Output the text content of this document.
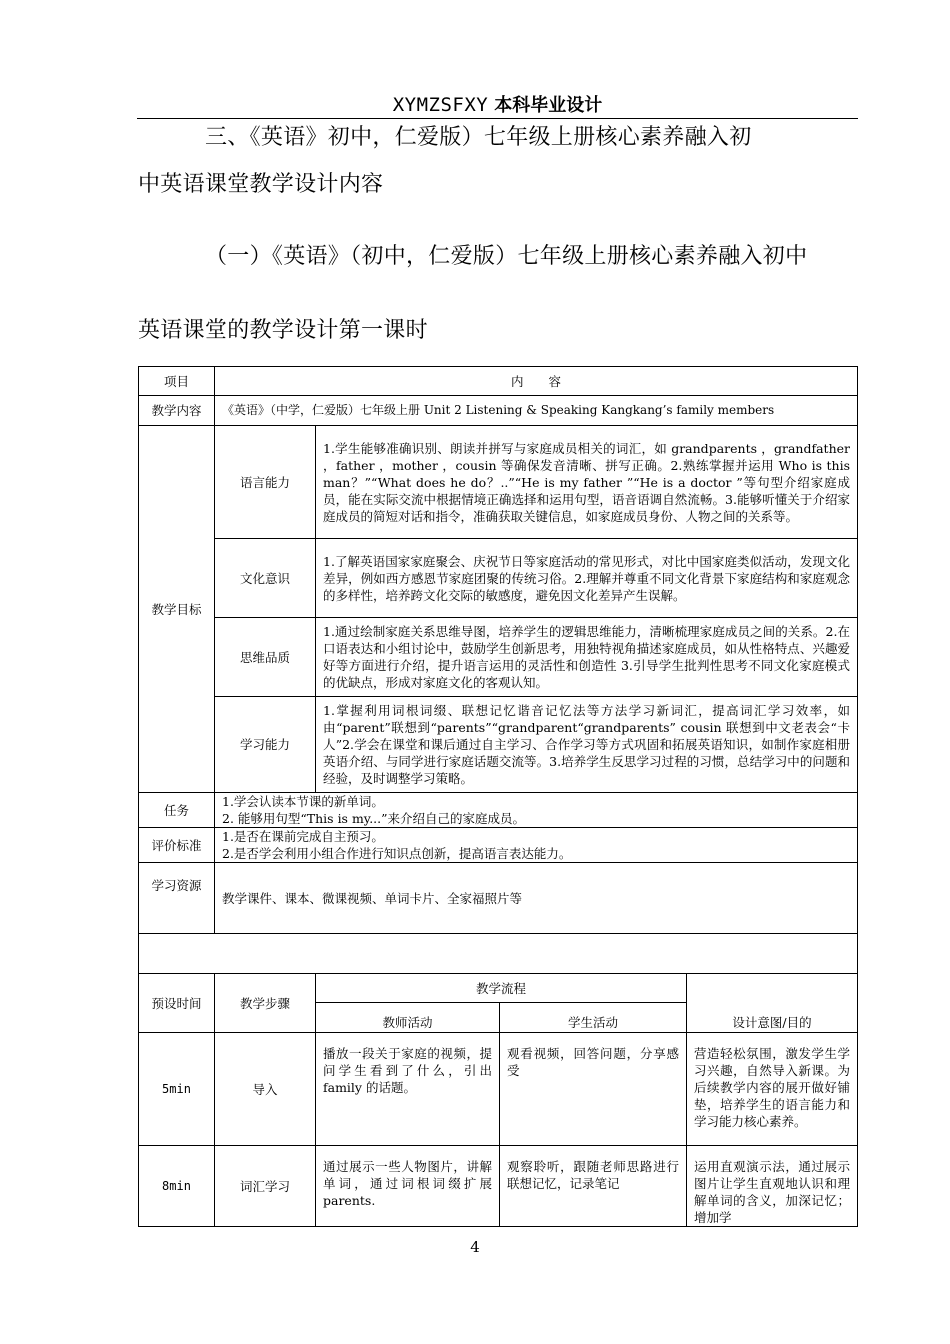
XYMZSFXY 本科毕业设计
三、《英语》初中，仁爱版）七年级上册核心素养融入初
中英语课堂教学设计内容
（一）《英语》（初中，仁爱版）七年级上册核心素养融入初中
英语课堂的教学设计第一课时
项目	内　　容			
教学内容	《英语》（中学，仁爱版）七年级上册 Unit 2 Listening & Speaking Kangkang’s family members			
教学目标	语言能力	1.学生能够准确识别、朗读并拼写与家庭成员相关的词汇，如 grandparents ，grandfather ，father ，mother ，cousin 等确保发音清晰、拼写正确。2.熟练掌握并运用 Who is this man？”“What does he do？..”“He is my father ”“He is a doctor ”等句型介绍家庭成员，能在实际交流中根据情境正确选择和运用句型，语音语调自然流畅。3.能够听懂关于介绍家庭成员的简短对话和指令，准确获取关键信息，如家庭成员身份、人物之间的关系等。		
	文化意识	1.了解英语国家家庭聚会、庆祝节日等家庭活动的常见形式，对比中国家庭类似活动，发现文化差异，例如西方感恩节家庭团聚的传统习俗。2.理解并尊重不同文化背景下家庭结构和家庭观念的多样性，培养跨文化交际的敏感度，避免因文化差异产生误解。		
	思维品质	1.通过绘制家庭关系思维导图，培养学生的逻辑思维能力，清晰梳理家庭成员之间的关系。2.在口语表达和小组讨论中，鼓励学生创新思考，用独特视角描述家庭成员，如从性格特点、兴趣爱好等方面进行介绍，提升语言运用的灵活性和创造性 3.引导学生批判性思考不同文化家庭模式的优缺点，形成对家庭文化的客观认知。		
	学习能力	1.掌握利用词根词缀、联想记忆谐音记忆法等方法学习新词汇，提高词汇学习效率，如由“parent”联想到“parents”“grandparent“grandparents” cousin 联想到中文老表会“卡人”2.学会在课堂和课后通过自主学习、合作学习等方式巩固和拓展英语知识，如制作家庭相册英语介绍、与同学进行家庭话题交流等。3.培养学生反思学习过程的习惯，总结学习中的问题和经验，及时调整学习策略。		
任务	1.学会认读本节课的新单词。
2. 能够用句型“This is my...”来介绍自己的家庭成员。			

评价标准	1.是否在课前完成自主预习。
2.是否学会利用小组合作进行知识点创新，提高语言表达能力。			

学习资源	教学课件、课本、微课视频、单词卡片、全家福照片等			

预设时间	教学步骤	教学流程		设计意图/目的
		教师活动	学生活动	
5min	导入	播放一段关于家庭的视频，提问学生看到了什么，引出 family 的话题。	观看视频，回答问题，分享感受	营造轻松氛围，激发学生学习兴趣，自然导入新课。为后续教学内容的展开做好铺垫，培养学生的语言能力和学习能力核心素养。
8min	词汇学习	通过展示一些人物图片，讲解单词，通过词根词缀扩展 parents.	观察聆听，跟随老师思路进行联想记忆，记录笔记	运用直观演示法，通过展示图片让学生直观地认识和理解单词的含义，加深记忆；增加学
4
